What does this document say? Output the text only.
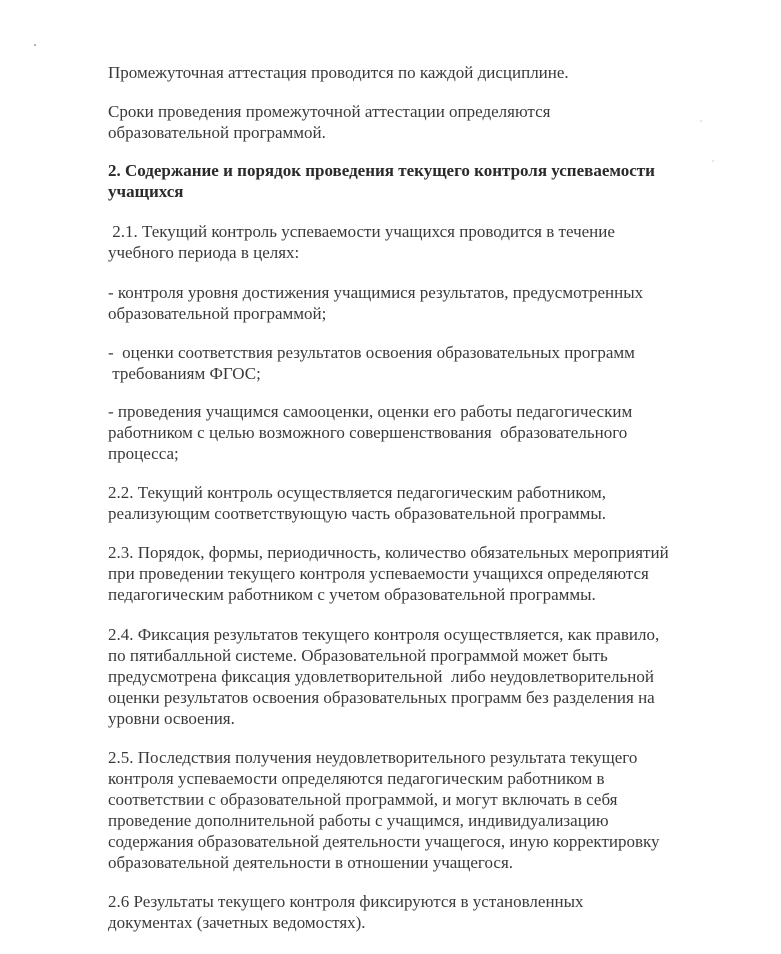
Промежуточная аттестация проводится по каждой дисциплине.

Сроки проведения промежуточной аттестации определяются

образовательной программой.

2. Содержание и порядок проведения текущего контроля успеваемости

учащихся

2.1. Текущий контроль успеваемости учащихся проводится в течение

учебного периода в целях:

- контроля уровня достижения учащимися результатов, предусмотренных

образовательной программой;

-  оценки соответствия результатов освоения образовательных программ

требованиям ФГОС;

- проведения учащимся самооценки, оценки его работы педагогическим

работником с целью возможного совершенствования  образовательного

процесса;

2.2. Текущий контроль осуществляется педагогическим работником,

реализующим соответствующую часть образовательной программы.

2.3. Порядок, формы, периодичность, количество обязательных мероприятий

при проведении текущего контроля успеваемости учащихся определяются

педагогическим работником с учетом образовательной программы.

2.4. Фиксация результатов текущего контроля осуществляется, как правило,

по пятибалльной системе. Образовательной программой может быть

предусмотрена фиксация удовлетворительной  либо неудовлетворительной

оценки результатов освоения образовательных программ без разделения на

уровни освоения.

2.5. Последствия получения неудовлетворительного результата текущего

контроля успеваемости определяются педагогическим работником в

соответствии с образовательной программой, и могут включать в себя

проведение дополнительной работы с учащимся, индивидуализацию

содержания образовательной деятельности учащегося, иную корректировку

образовательной деятельности в отношении учащегося.

2.6 Результаты текущего контроля фиксируются в установленных

документах (зачетных ведомостях).
